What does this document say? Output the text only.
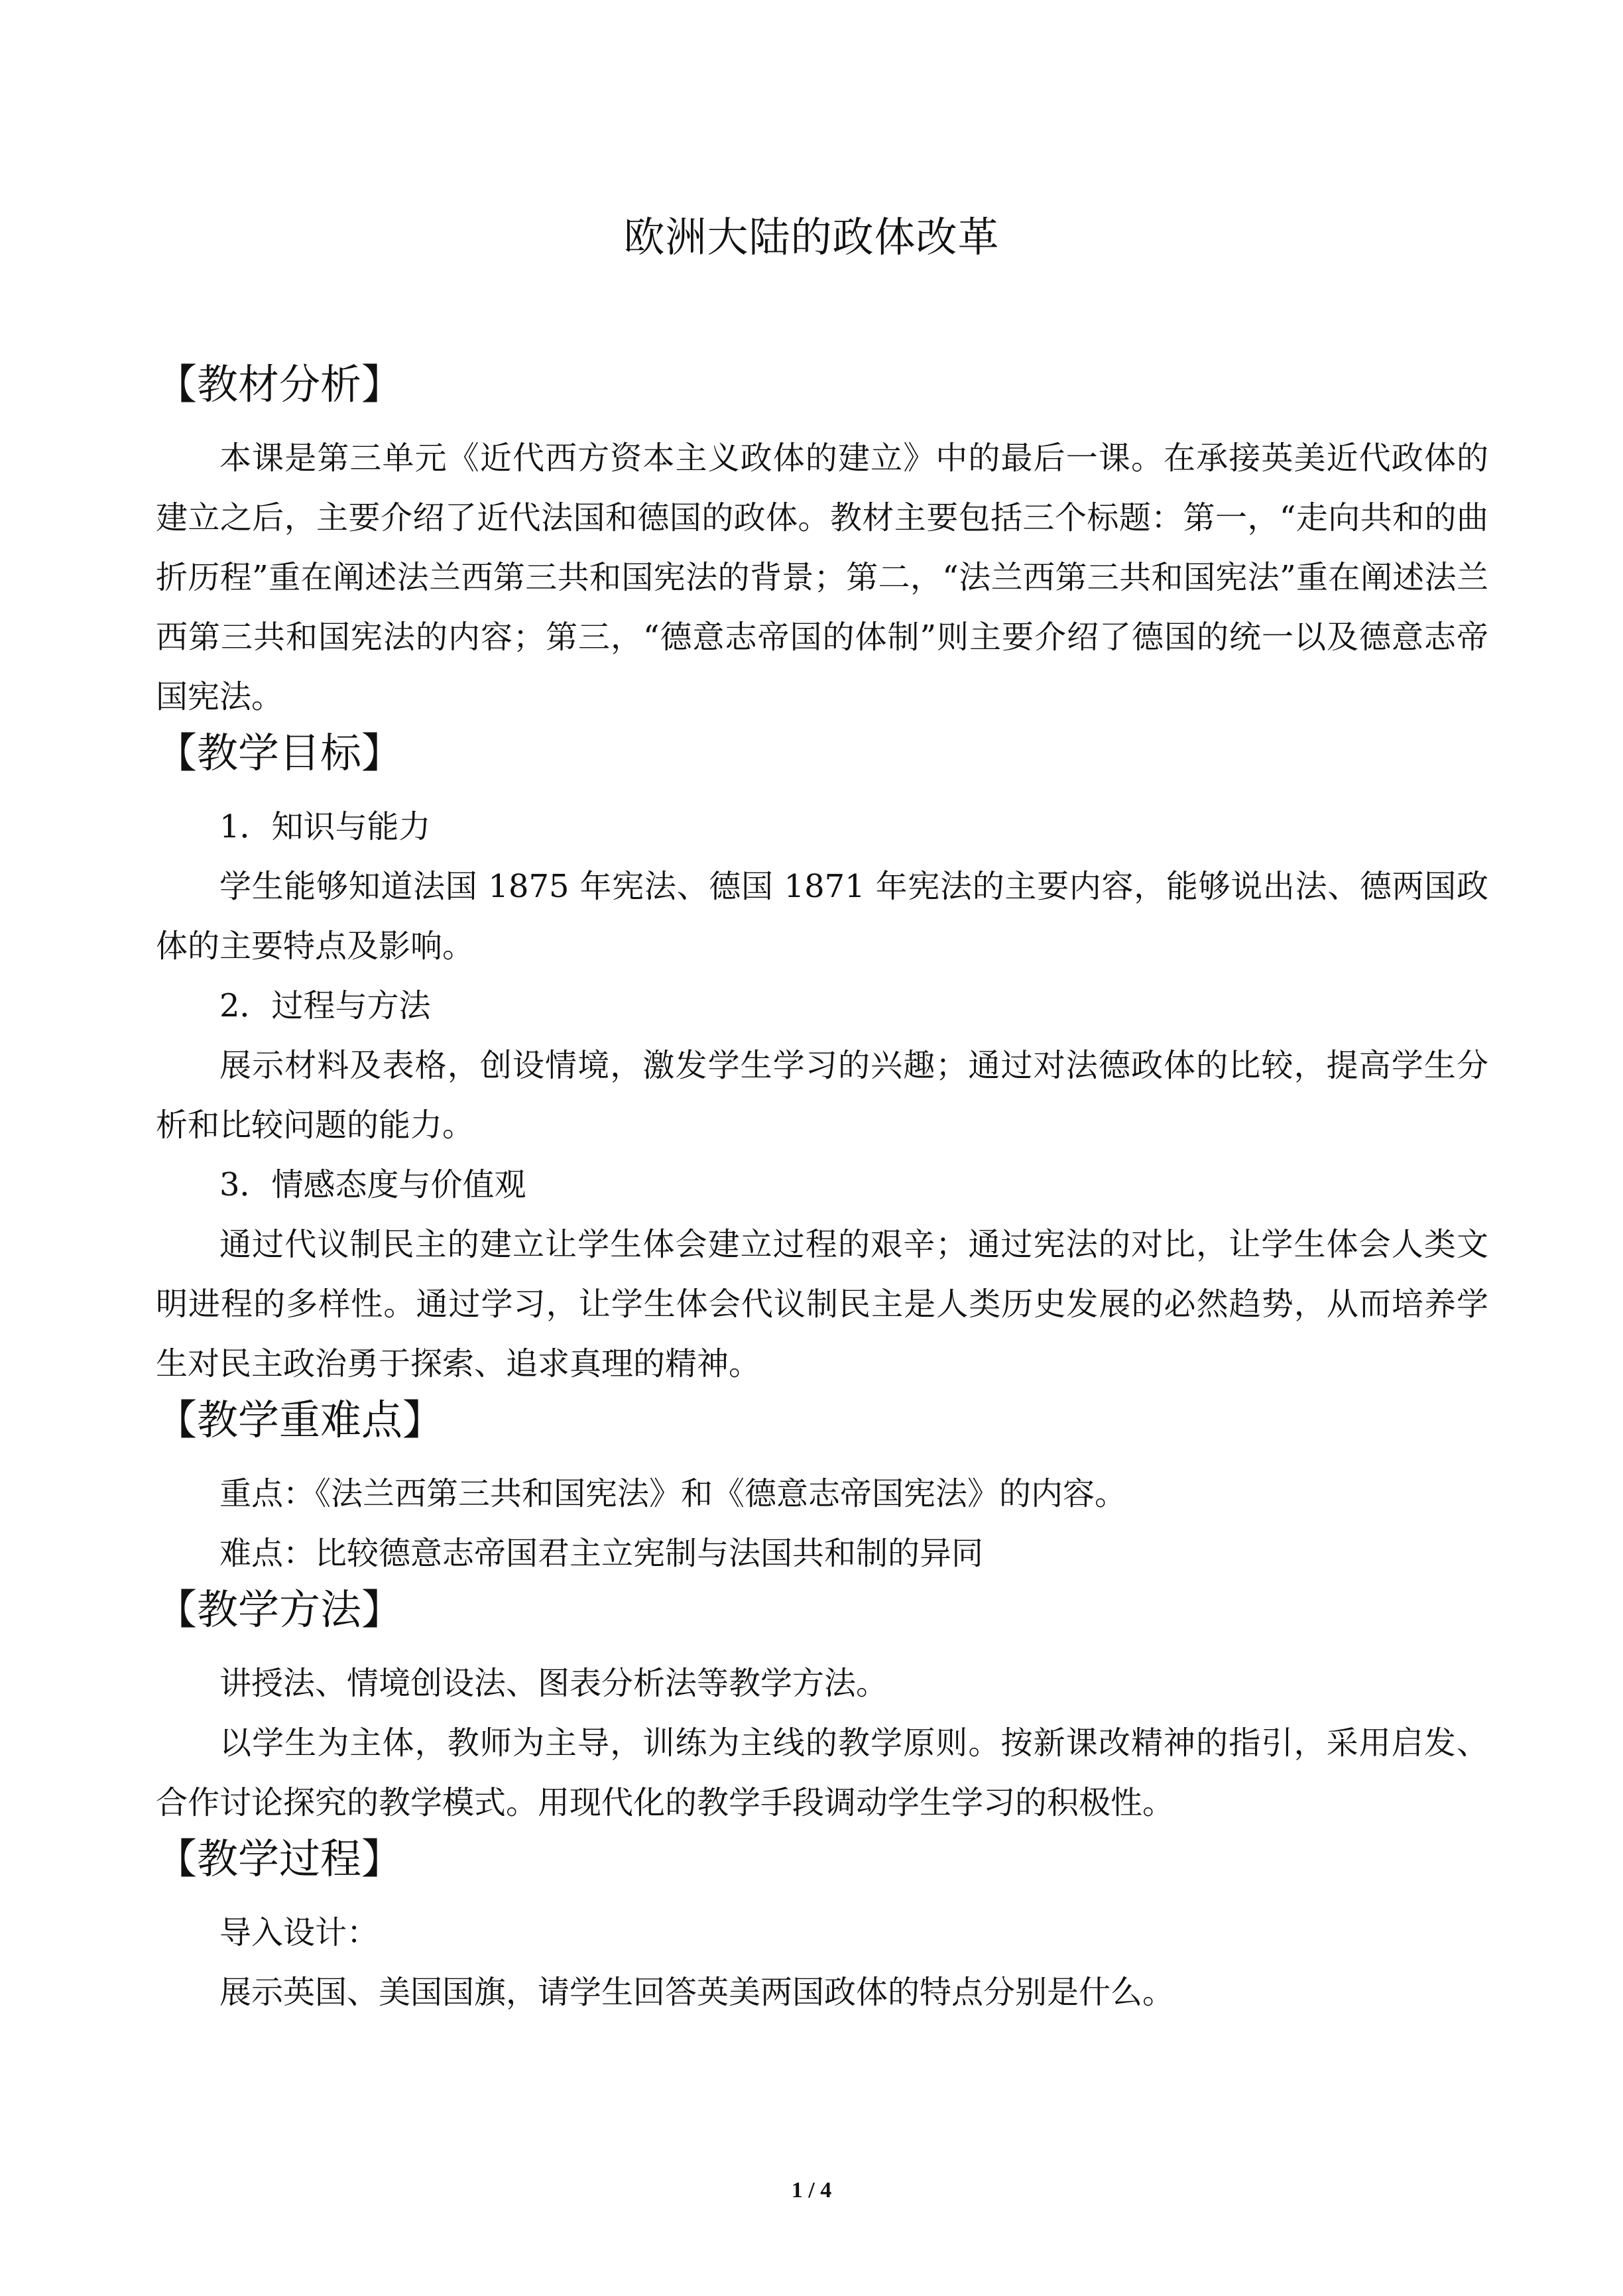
欧洲大陆的政体改革
【教材分析】

本课是第三单元《近代西方资本主义政体的建立》中的最后一课。在承接英美近代政体的建立之后，主要介绍了近代法国和德国的政体。教材主要包括三个标题：第一，“走向共和的曲折历程”重在阐述法兰西第三共和国宪法的背景；第二，“法兰西第三共和国宪法”重在阐述法兰西第三共和国宪法的内容；第三，“德意志帝国的体制”则主要介绍了德国的统一以及德意志帝国宪法。

【教学目标】

1．知识与能力

学生能够知道法国 1875 年宪法、德国 1871 年宪法的主要内容，能够说出法、德两国政体的主要特点及影响。

2．过程与方法

展示材料及表格，创设情境，激发学生学习的兴趣；通过对法德政体的比较，提高学生分析和比较问题的能力。

3．情感态度与价值观

通过代议制民主的建立让学生体会建立过程的艰辛；通过宪法的对比，让学生体会人类文明进程的多样性。通过学习，让学生体会代议制民主是人类历史发展的必然趋势，从而培养学生对民主政治勇于探索、追求真理的精神。

【教学重难点】

重点：《法兰西第三共和国宪法》和《德意志帝国宪法》的内容。

难点：比较德意志帝国君主立宪制与法国共和制的异同

【教学方法】

讲授法、情境创设法、图表分析法等教学方法。

以学生为主体，教师为主导，训练为主线的教学原则。按新课改精神的指引，采用启发、合作讨论探究的教学模式。用现代化的教学手段调动学生学习的积极性。

【教学过程】

导入设计：

展示英国、美国国旗，请学生回答英美两国政体的特点分别是什么。

1 / 4
